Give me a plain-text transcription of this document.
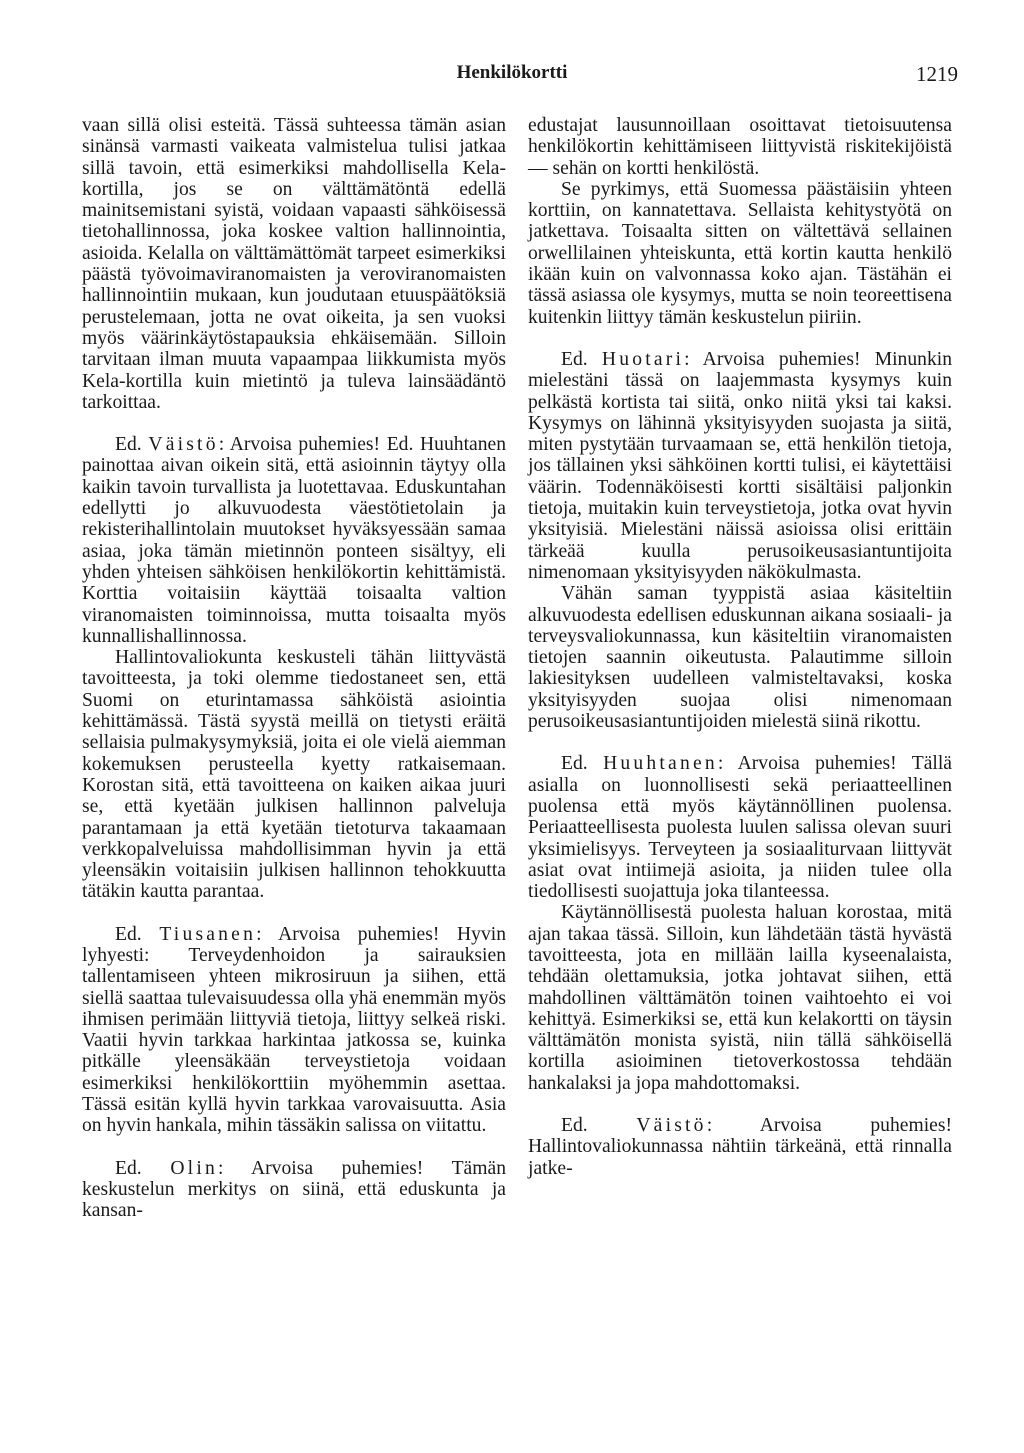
Henkilökortti	1219

vaan sillä olisi esteitä. Tässä suhteessa tämän asian sinänsä varmasti vaikeata valmistelua tulisi jatkaa sillä tavoin, että esimerkiksi mahdollisella Kela-kortilla, jos se on välttämätöntä edellä mainitsemistani syistä, voidaan vapaasti sähköisessä tietohallinnossa, joka koskee valtion hallinnointia, asioida. Kelalla on välttämättömät tarpeet esimerkiksi päästä työvoimaviranomaisten ja veroviranomaisten hallinnointiin mukaan, kun joudutaan etuuspäätöksiä perustelemaan, jotta ne ovat oikeita, ja sen vuoksi myös väärinkäytöstapauksia ehkäisemään. Silloin tarvitaan ilman muuta vapaampaa liikkumista myös Kela-kortilla kuin mietintö ja tuleva lainsäädäntö tarkoittaa.

Ed. Väistö: Arvoisa puhemies! Ed. Huuhtanen painottaa aivan oikein sitä, että asioinnin täytyy olla kaikin tavoin turvallista ja luotettavaa. Eduskuntahan edellytti jo alkuvuodesta väestötietolain ja rekisterihallintolain muutokset hyväksyessään samaa asiaa, joka tämän mietinnön ponteen sisältyy, eli yhden yhteisen sähköisen henkilökortin kehittämistä. Korttia voitaisiin käyttää toisaalta valtion viranomaisten toiminnoissa, mutta toisaalta myös kunnallishallinnossa.

Hallintovaliokunta keskusteli tähän liittyvästä tavoitteesta, ja toki olemme tiedostaneet sen, että Suomi on eturintamassa sähköistä asiointia kehittämässä. Tästä syystä meillä on tietysti eräitä sellaisia pulmakysymyksiä, joita ei ole vielä aiemman kokemuksen perusteella kyetty ratkaisemaan. Korostan sitä, että tavoitteena on kaiken aikaa juuri se, että kyetään julkisen hallinnon palveluja parantamaan ja että kyetään tietoturva takaamaan verkkopalveluissa mahdollisimman hyvin ja että yleensäkin voitaisiin julkisen hallinnon tehokkuutta tätäkin kautta parantaa.

Ed. Tiusanen: Arvoisa puhemies! Hyvin lyhyesti: Terveydenhoidon ja sairauksien tallentamiseen yhteen mikrosiruun ja siihen, että siellä saattaa tulevaisuudessa olla yhä enemmän myös ihmisen perimään liittyviä tietoja, liittyy selkeä riski. Vaatii hyvin tarkkaa harkintaa jatkossa se, kuinka pitkälle yleensäkään terveystietoja voidaan esimerkiksi henkilökorttiin myöhemmin asettaa. Tässä esitän kyllä hyvin tarkkaa varovaisuutta. Asia on hyvin hankala, mihin tässäkin salissa on viitattu.

Ed. Olin: Arvoisa puhemies! Tämän keskustelun merkitys on siinä, että eduskunta ja kansan-

edustajat lausunnoillaan osoittavat tietoisuutensa henkilökortin kehittämiseen liittyvistä riskitekijöistä — sehän on kortti henkilöstä.

Se pyrkimys, että Suomessa päästäisiin yhteen korttiin, on kannatettava. Sellaista kehitystyötä on jatkettava. Toisaalta sitten on vältettävä sellainen orwellilainen yhteiskunta, että kortin kautta henkilö ikään kuin on valvonnassa koko ajan. Tästähän ei tässä asiassa ole kysymys, mutta se noin teoreettisena kuitenkin liittyy tämän keskustelun piiriin.

Ed. Huotari: Arvoisa puhemies! Minunkin mielestäni tässä on laajemmasta kysymys kuin pelkästä kortista tai siitä, onko niitä yksi tai kaksi. Kysymys on lähinnä yksityisyyden suojasta ja siitä, miten pystytään turvaamaan se, että henkilön tietoja, jos tällainen yksi sähköinen kortti tulisi, ei käytettäisi väärin. Todennäköisesti kortti sisältäisi paljonkin tietoja, muitakin kuin terveystietoja, jotka ovat hyvin yksityisiä. Mielestäni näissä asioissa olisi erittäin tärkeää kuulla perusoikeusasiantuntijoita nimenomaan yksityisyyden näkökulmasta.

Vähän saman tyyppistä asiaa käsiteltiin alkuvuodesta edellisen eduskunnan aikana sosiaali- ja terveysvaliokunnassa, kun käsiteltiin viranomaisten tietojen saannin oikeutusta. Palautimme silloin lakiesityksen uudelleen valmisteltavaksi, koska yksityisyyden suojaa olisi nimenomaan perusoikeusasiantuntijoiden mielestä siinä rikottu.

Ed. Huuhtanen: Arvoisa puhemies! Tällä asialla on luonnollisesti sekä periaatteellinen puolensa että myös käytännöllinen puolensa. Periaatteellisesta puolesta luulen salissa olevan suuri yksimielisyys. Terveyteen ja sosiaaliturvaan liittyvät asiat ovat intiimejä asioita, ja niiden tulee olla tiedollisesti suojattuja joka tilanteessa.

Käytännöllisestä puolesta haluan korostaa, mitä ajan takaa tässä. Silloin, kun lähdetään tästä hyvästä tavoitteesta, jota en millään lailla kyseenalaista, tehdään olettamuksia, jotka johtavat siihen, että mahdollinen välttämätön toinen vaihtoehto ei voi kehittyä. Esimerkiksi se, että kun kelakortti on täysin välttämätön monista syistä, niin tällä sähköisellä kortilla asioiminen tietoverkostossa tehdään hankalaksi ja jopa mahdottomaksi.

Ed. Väistö: Arvoisa puhemies! Hallintovaliokunnassa nähtiin tärkeänä, että rinnalla jatke-
